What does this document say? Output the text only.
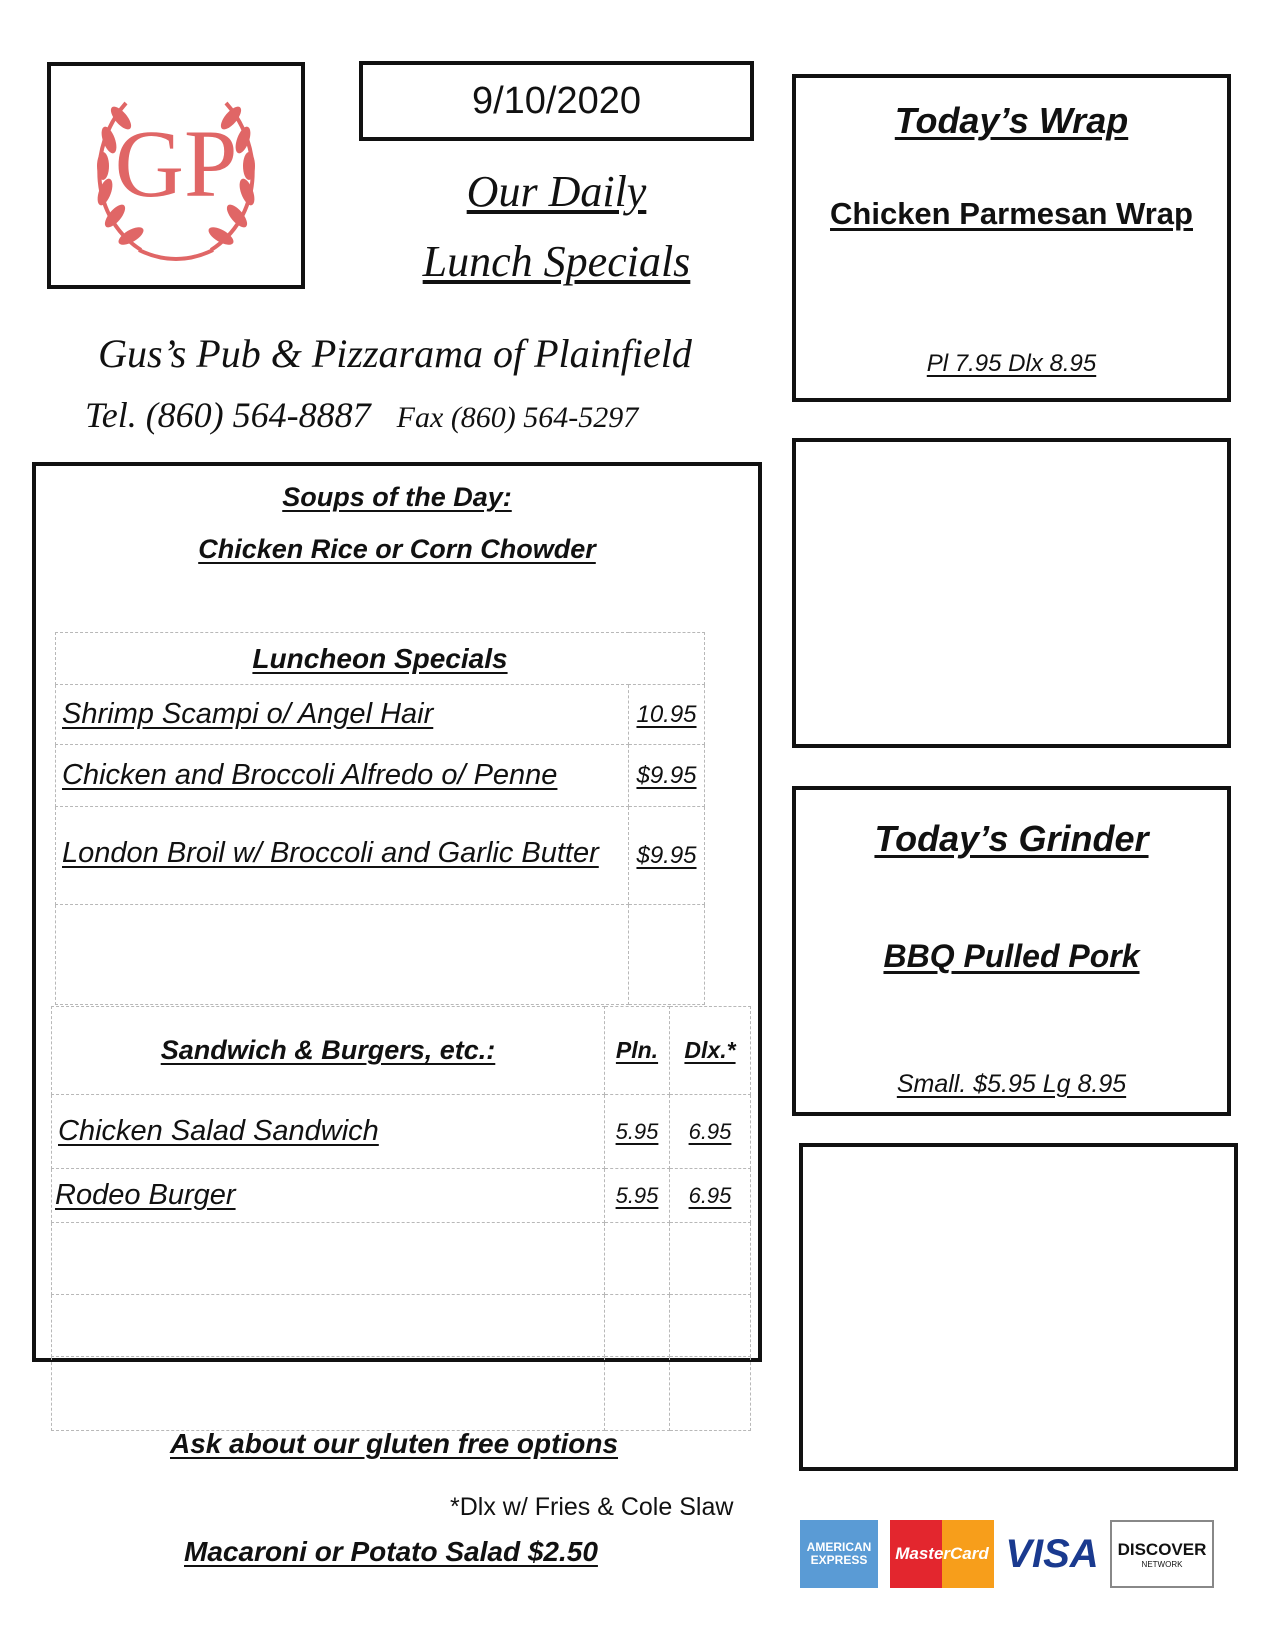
GP
9/10/2020
Our Daily
Lunch Specials
Gus’s Pub & Pizzarama of Plainfield
Tel. (860) 564-8887 Fax (860) 564-5297
Today’s Wrap
Chicken Parmesan Wrap
Pl 7.95 Dlx 8.95
Today’s Grinder
BBQ Pulled Pork
Small. $5.95 Lg 8.95
Soups of the Day:
Chicken Rice or Corn Chowder
Luncheon Specials	
Shrimp Scampi o/ Angel Hair	10.95
Chicken and Broccoli Alfredo o/ Penne	$9.95
London Broil w/ Broccoli and Garlic Butter	$9.95

Sandwich & Burgers, etc.:	Pln.	Dlx.*
Chicken Salad Sandwich	5.95	6.95
Rodeo Burger	5.95	6.95

Ask about our gluten free options
*Dlx w/ Fries & Cole Slaw
Macaroni or Potato Salad $2.50	AMERICAN
EXPRESS MasterCard VISA DISCOVER
NETWORK
